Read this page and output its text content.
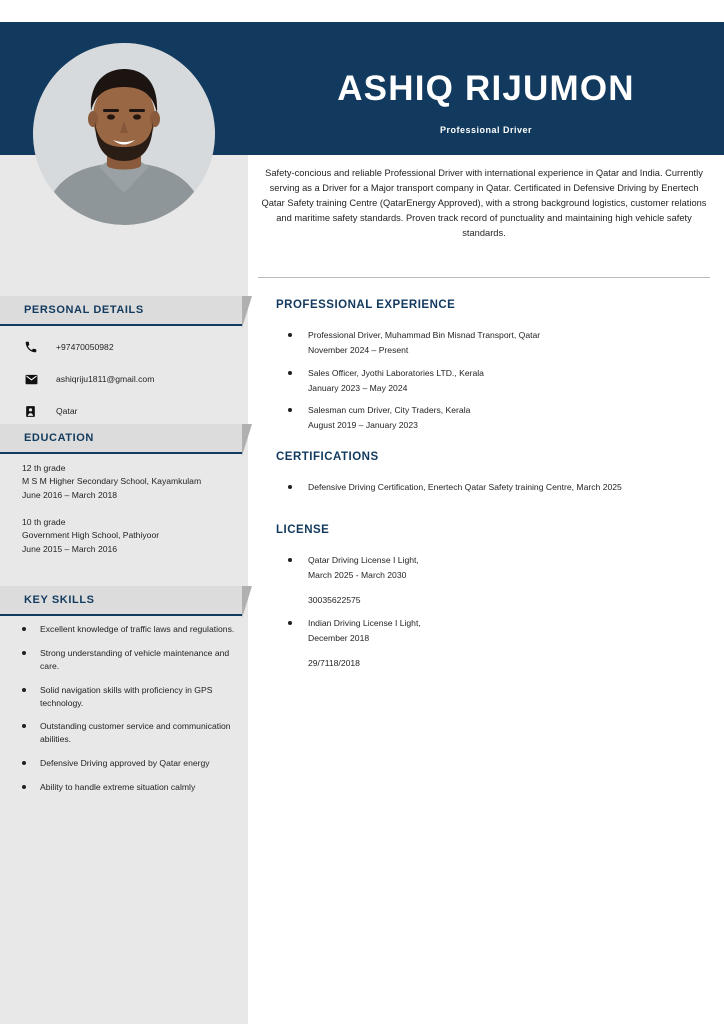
ASHIQ RIJUMON
Professional Driver
Safety-concious and reliable Professional Driver with international experience in Qatar and India. Currently serving as a Driver for a Major transport company in Qatar. Certificated in Defensive Driving by Enertech Qatar Safety training Centre (QatarEnergy Approved), with a strong background logistics, customer relations and maritime safety standards. Proven track record of punctuality and maintaining high vehicle safety standards.
PERSONAL DETAILS
+97470050982
ashiqriju1811@gmail.com
Qatar
EDUCATION
12 th grade
M S M Higher Secondary School, Kayamkulam
June 2016 – March 2018
10 th grade
Government High School, Pathiyoor
June 2015 – March 2016
KEY SKILLS
Excellent knowledge of traffic laws and regulations.
Strong understanding of vehicle maintenance and care.
Solid navigation skills with proficiency in GPS technology.
Outstanding customer service and communication abilities.
Defensive Driving approved by Qatar energy
Ability to handle extreme situation calmly
PROFESSIONAL EXPERIENCE
Professional Driver, Muhammad Bin Misnad Transport, Qatar
November 2024 – Present
Sales Officer, Jyothi Laboratories LTD., Kerala
January 2023 – May 2024
Salesman cum Driver, City Traders, Kerala
August 2019 – January 2023
CERTIFICATIONS
Defensive Driving Certification, Enertech Qatar Safety training Centre, March 2025
LICENSE
Qatar Driving License I Light,
March 2025 - March 2030
30035622575
Indian Driving License I Light,
December 2018
29/7118/2018
